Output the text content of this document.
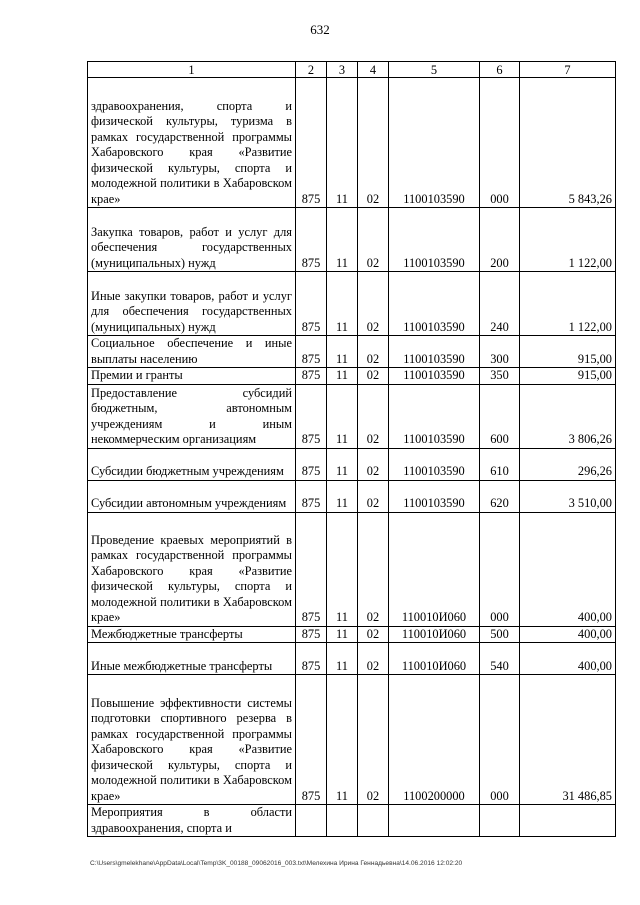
632
1	2	3	4	5	6	7
здравоохранения, спорта и физической культуры, туризма в рамках государственной программы Хабаровского края «Развитие физической культуры, спорта и молодежной политики в Хабаровском крае»	875	11	02	1100103590	000	5 843,26
Закупка товаров, работ и услуг для обеспечения государственных (муниципальных) нужд	875	11	02	1100103590	200	1 122,00
Иные закупки товаров, работ и услуг для обеспечения государственных (муниципальных) нужд	875	11	02	1100103590	240	1 122,00
Социальное обеспечение и иные выплаты населению	875	11	02	1100103590	300	915,00
Премии и гранты	875	11	02	1100103590	350	915,00
Предоставление субсидий бюджетным, автономным учреждениям и иным некоммерческим организациям	875	11	02	1100103590	600	3 806,26
Субсидии бюджетным учреждениям	875	11	02	1100103590	610	296,26
Субсидии автономным учреждениям	875	11	02	1100103590	620	3 510,00
Проведение краевых мероприятий в рамках государственной программы Хабаровского края «Развитие физической культуры, спорта и молодежной политики в Хабаровском крае»	875	11	02	110010И060	000	400,00
Межбюджетные трансферты	875	11	02	110010И060	500	400,00
Иные межбюджетные трансферты	875	11	02	110010И060	540	400,00
Повышение эффективности системы подготовки спортивного резерва в рамках государственной программы Хабаровского края «Развитие физической культуры, спорта и молодежной политики в Хабаровском крае»	875	11	02	1100200000	000	31 486,85
Мероприятия в области здравоохранения, спорта и						
C:\Users\gmelekhane\AppData\Local\Temp\3K_00188_09062016_003.txt\Мелехина Ирина Геннадьевна\14.06.2016 12:02:20
